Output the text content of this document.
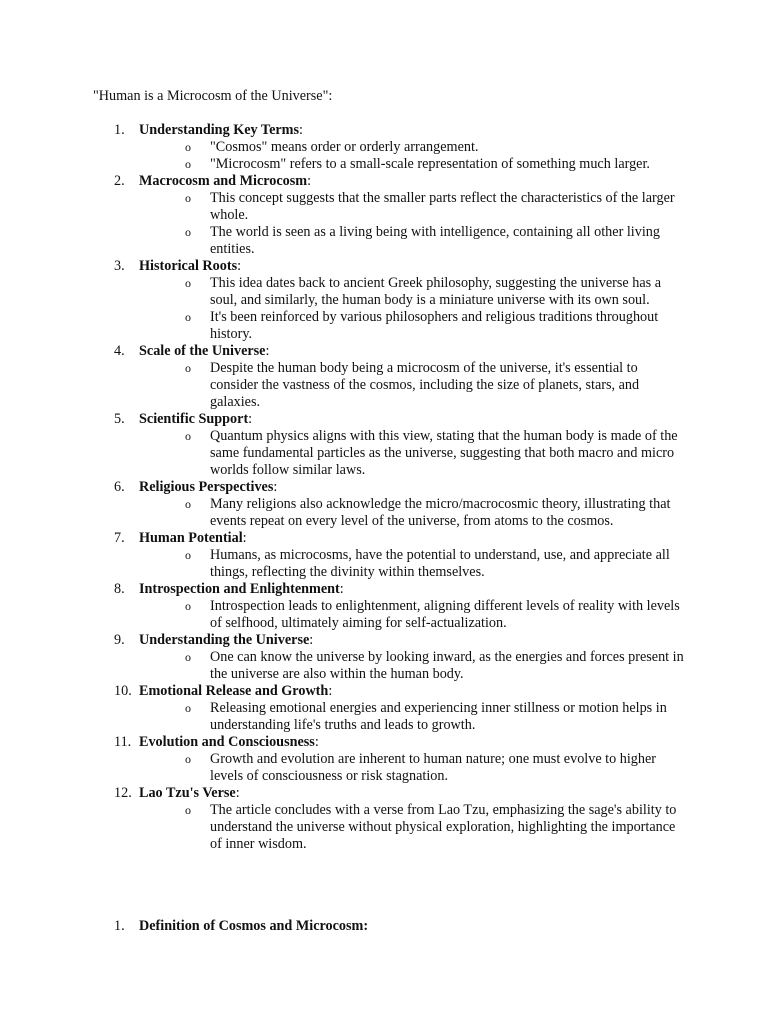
"Human is a Microcosm of the Universe":
1.	Understanding Key Terms:
o "Cosmos" means order or orderly arrangement.
o "Microcosm" refers to a small-scale representation of something much larger.
2.	Macrocosm and Microcosm:
o This concept suggests that the smaller parts reflect the characteristics of the larger whole.
o The world is seen as a living being with intelligence, containing all other living entities.
3.	Historical Roots:
o This idea dates back to ancient Greek philosophy, suggesting the universe has a soul, and similarly, the human body is a miniature universe with its own soul.
o It's been reinforced by various philosophers and religious traditions throughout history.
4.	Scale of the Universe:
o Despite the human body being a microcosm of the universe, it's essential to consider the vastness of the cosmos, including the size of planets, stars, and galaxies.
5.	Scientific Support:
o Quantum physics aligns with this view, stating that the human body is made of the same fundamental particles as the universe, suggesting that both macro and micro worlds follow similar laws.
6.	Religious Perspectives:
o Many religions also acknowledge the micro/macrocosmic theory, illustrating that events repeat on every level of the universe, from atoms to the cosmos.
7.	Human Potential:
o Humans, as microcosms, have the potential to understand, use, and appreciate all things, reflecting the divinity within themselves.
8.	Introspection and Enlightenment:
o Introspection leads to enlightenment, aligning different levels of reality with levels of selfhood, ultimately aiming for self-actualization.
9.	Understanding the Universe:
o One can know the universe by looking inward, as the energies and forces present in the universe are also within the human body.
10. Emotional Release and Growth:
o Releasing emotional energies and experiencing inner stillness or motion helps in understanding life's truths and leads to growth.
11. Evolution and Consciousness:
o Growth and evolution are inherent to human nature; one must evolve to higher levels of consciousness or risk stagnation.
12. Lao Tzu's Verse:
o The article concludes with a verse from Lao Tzu, emphasizing the sage's ability to understand the universe without physical exploration, highlighting the importance of inner wisdom.
1.	Definition of Cosmos and Microcosm:
